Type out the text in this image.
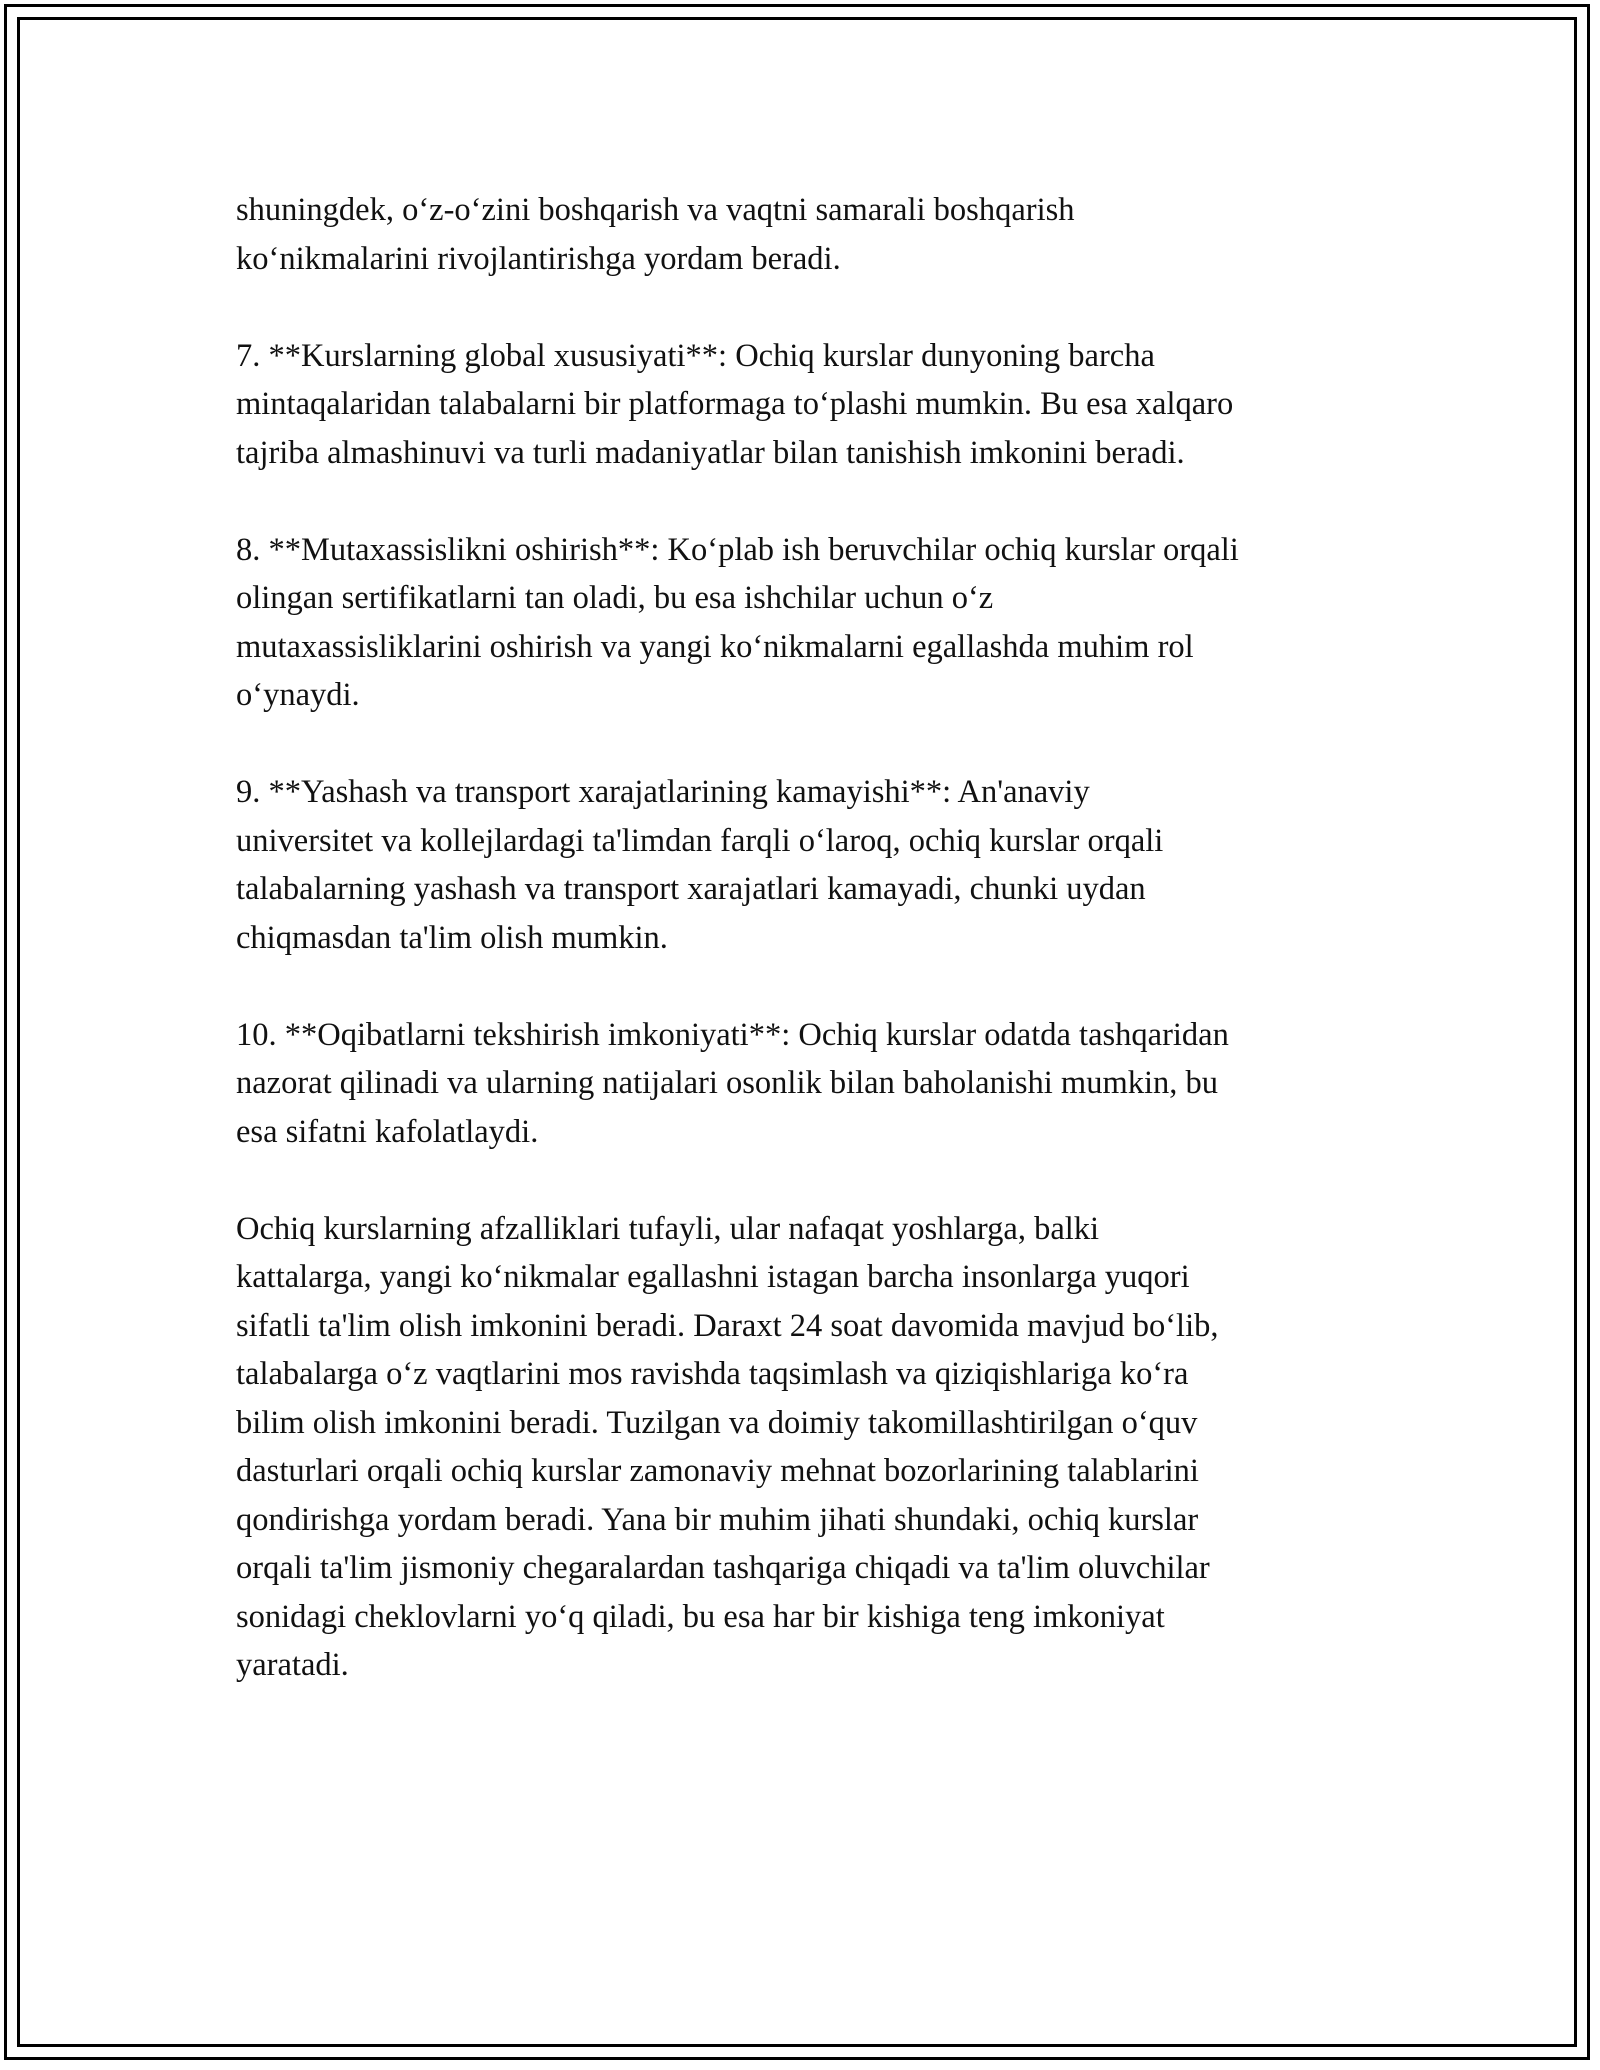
shuningdek, oʻz-oʻzini boshqarish va vaqtni samarali boshqarish
koʻnikmalarini rivojlantirishga yordam beradi.
7. **Kurslarning global xususiyati**: Ochiq kurslar dunyoning barcha
mintaqalaridan talabalarni bir platformaga toʻplashi mumkin. Bu esa xalqaro
tajriba almashinuvi va turli madaniyatlar bilan tanishish imkonini beradi.
8. **Mutaxassislikni oshirish**: Koʻplab ish beruvchilar ochiq kurslar orqali
olingan sertifikatlarni tan oladi, bu esa ishchilar uchun oʻz
mutaxassisliklarini oshirish va yangi koʻnikmalarni egallashda muhim rol
oʻynaydi.
9. **Yashash va transport xarajatlarining kamayishi**: An'anaviy
universitet va kollejlardagi ta'limdan farqli oʻlaroq, ochiq kurslar orqali
talabalarning yashash va transport xarajatlari kamayadi, chunki uydan
chiqmasdan ta'lim olish mumkin.
10. **Oqibatlarni tekshirish imkoniyati**: Ochiq kurslar odatda tashqaridan
nazorat qilinadi va ularning natijalari osonlik bilan baholanishi mumkin, bu
esa sifatni kafolatlaydi.
Ochiq kurslarning afzalliklari tufayli, ular nafaqat yoshlarga, balki
kattalarga, yangi koʻnikmalar egallashni istagan barcha insonlarga yuqori
sifatli ta'lim olish imkonini beradi. Daraxt 24 soat davomida mavjud boʻlib,
talabalarga oʻz vaqtlarini mos ravishda taqsimlash va qiziqishlariga koʻra
bilim olish imkonini beradi. Tuzilgan va doimiy takomillashtirilgan oʻquv
dasturlari orqali ochiq kurslar zamonaviy mehnat bozorlarining talablarini
qondirishga yordam beradi. Yana bir muhim jihati shundaki, ochiq kurslar
orqali ta'lim jismoniy chegaralardan tashqariga chiqadi va ta'lim oluvchilar
sonidagi cheklovlarni yoʻq qiladi, bu esa har bir kishiga teng imkoniyat
yaratadi.
